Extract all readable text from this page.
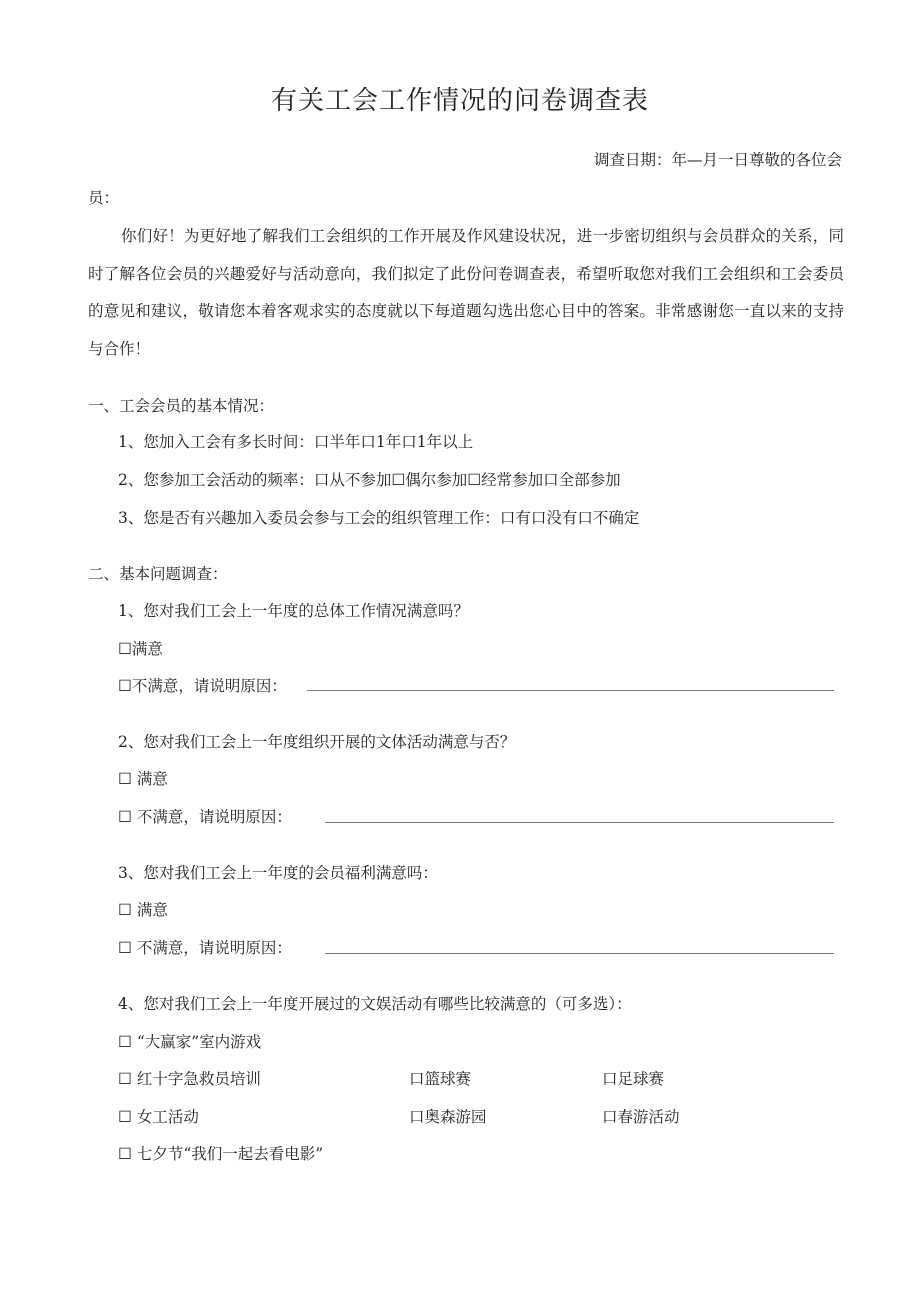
有关工会工作情况的问卷调查表
调查日期：年—月一日尊敬的各位会
员：
你们好！为更好地了解我们工会组织的工作开展及作风建设状况，进一步密切组织与会员群众的关系，同时了解各位会员的兴趣爱好与活动意向，我们拟定了此份问卷调查表，希望听取您对我们工会组织和工会委员的意见和建议，敬请您本着客观求实的态度就以下每道题勾选出您心目中的答案。非常感谢您一直以来的支持与合作！
一、工会会员的基本情况：
1、您加入工会有多长时间：口半年口1年口1年以上
2、您参加工会活动的频率：口从不参加☐偶尔参加☐经常参加口全部参加
3、您是否有兴趣加入委员会参与工会的组织管理工作：口有口没有口不确定
二、基本问题调查：
1、您对我们工会上一年度的总体工作情况满意吗？
☐满意
☐不满意，请说明原因：
2、您对我们工会上一年度组织开展的文体活动满意与否？
☐ 满意
☐ 不满意，请说明原因：
3、您对我们工会上一年度的会员福利满意吗：
☐ 满意
☐ 不满意，请说明原因：
4、您对我们工会上一年度开展过的文娱活动有哪些比较满意的（可多选）：
☐ “大赢家”室内游戏
☐ 红十字急救员培训	口篮球赛	口足球赛
☐ 女工活动	口奥森游园	口春游活动
☐ 七夕节“我们一起去看电影”
